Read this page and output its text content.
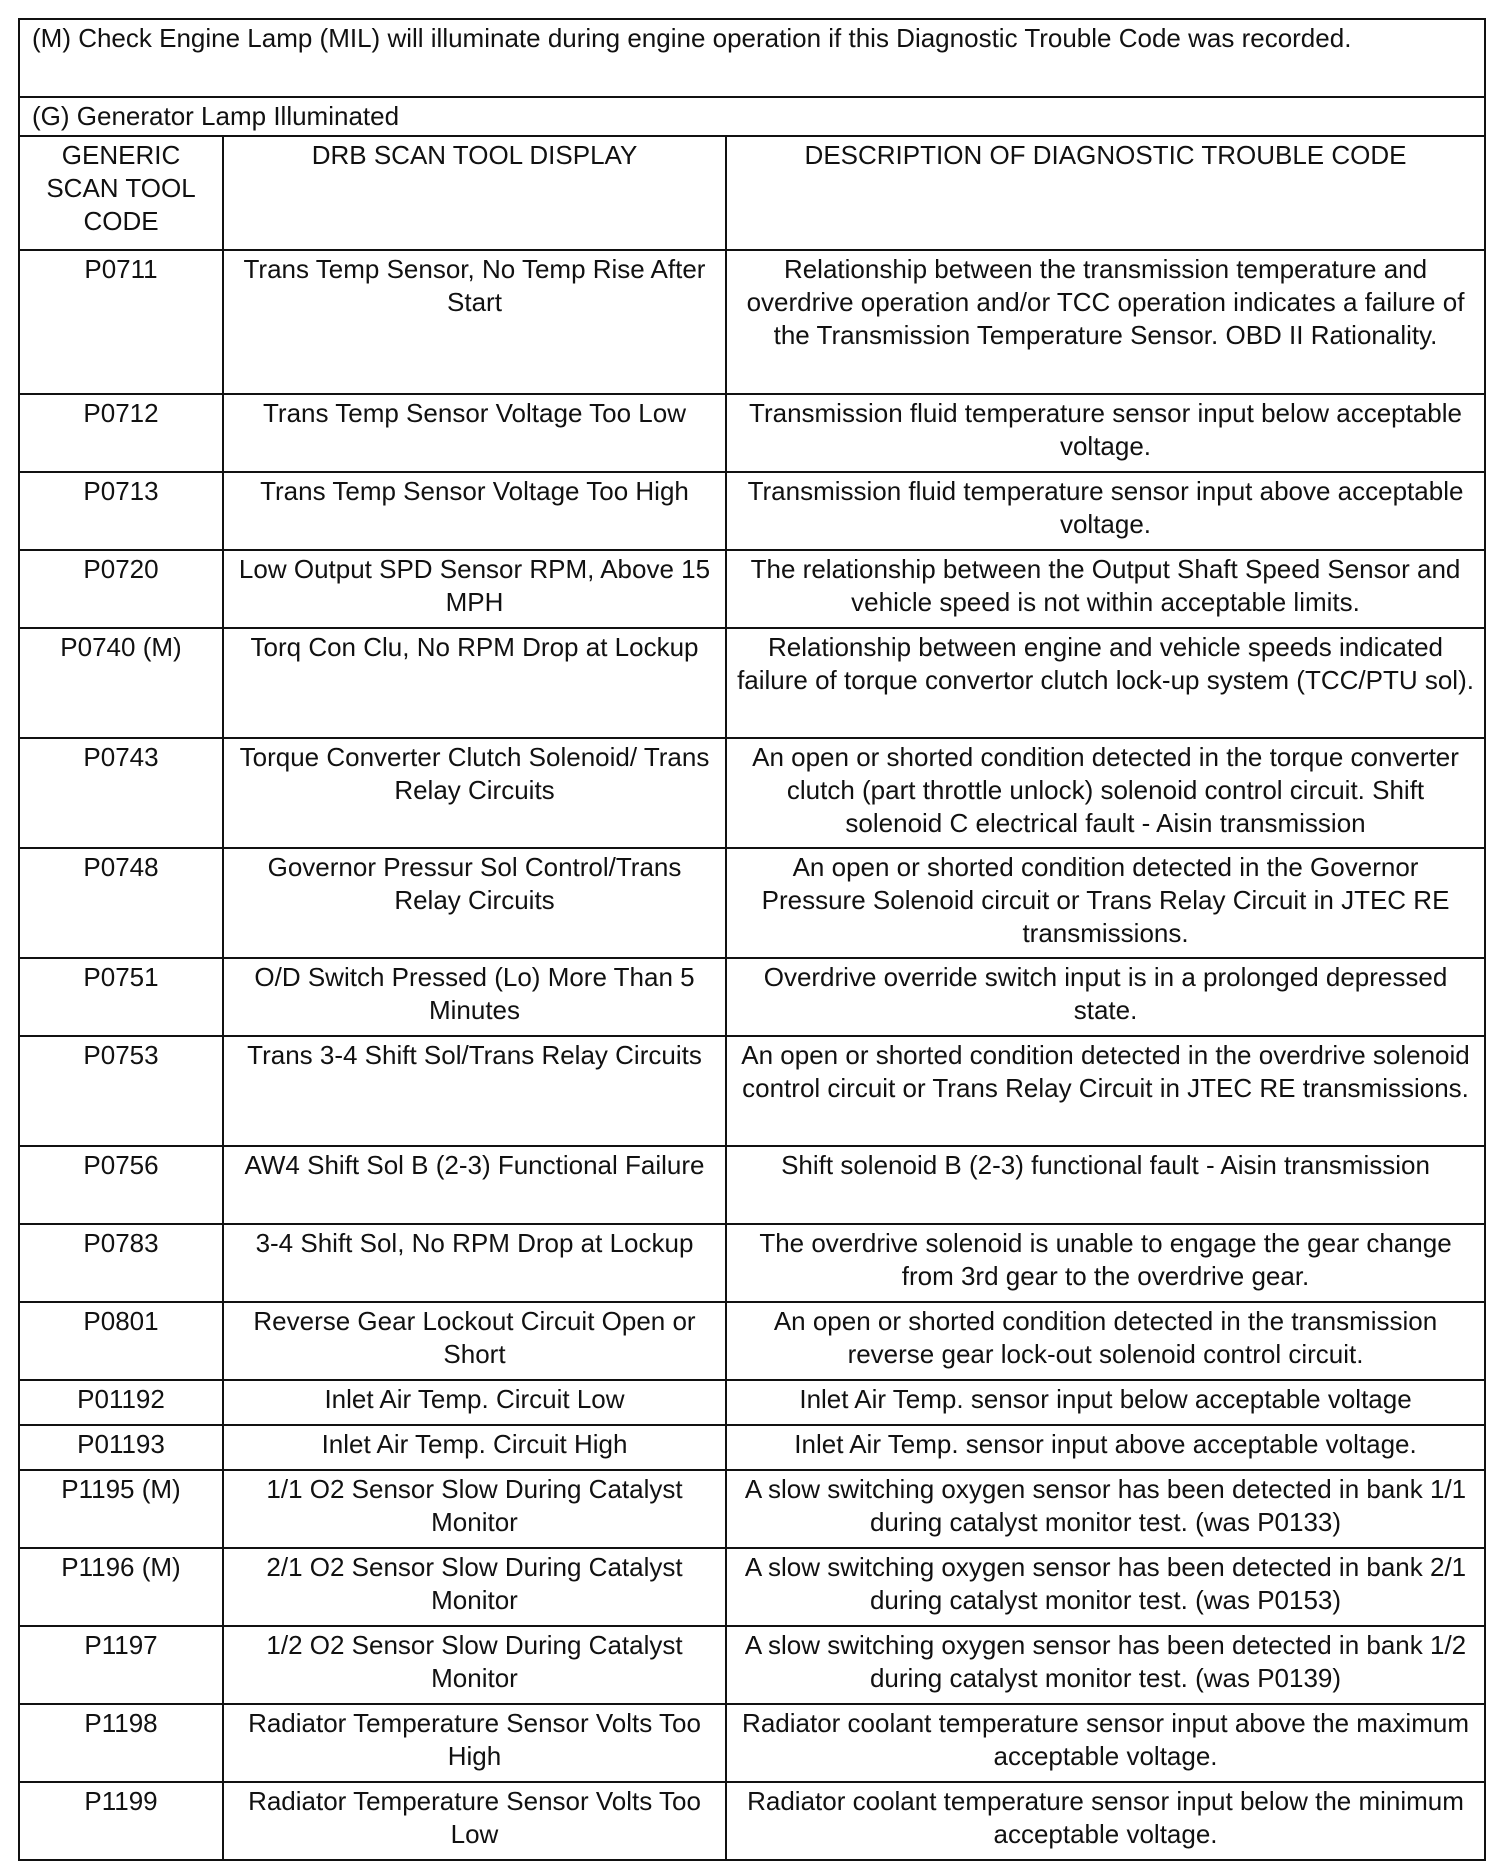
(M) Check Engine Lamp (MIL) will illuminate during engine operation if this Diagnostic Trouble Code was recorded.		
(G) Generator Lamp Illuminated		
GENERIC SCAN TOOL CODE	DRB SCAN TOOL DISPLAY	DESCRIPTION OF DIAGNOSTIC TROUBLE CODE
P0711	Trans Temp Sensor, No Temp Rise After Start	Relationship between the transmission temperature and overdrive operation and/or TCC operation indicates a failure of the Transmission Temperature Sensor. OBD II Rationality.
P0712	Trans Temp Sensor Voltage Too Low	Transmission fluid temperature sensor input below acceptable voltage.
P0713	Trans Temp Sensor Voltage Too High	Transmission fluid temperature sensor input above acceptable voltage.
P0720	Low Output SPD Sensor RPM, Above 15 MPH	The relationship between the Output Shaft Speed Sensor and vehicle speed is not within acceptable limits.
P0740 (M)	Torq Con Clu, No RPM Drop at Lockup	Relationship between engine and vehicle speeds indicated failure of torque convertor clutch lock-up system (TCC/PTU sol).
P0743	Torque Converter Clutch Solenoid/ Trans Relay Circuits	An open or shorted condition detected in the torque converter clutch (part throttle unlock) solenoid control circuit. Shift solenoid C electrical fault - Aisin transmission
P0748	Governor Pressur Sol Control/Trans Relay Circuits	An open or shorted condition detected in the Governor Pressure Solenoid circuit or Trans Relay Circuit in JTEC RE transmissions.
P0751	O/D Switch Pressed (Lo) More Than 5 Minutes	Overdrive override switch input is in a prolonged depressed state.
P0753	Trans 3-4 Shift Sol/Trans Relay Circuits	An open or shorted condition detected in the overdrive solenoid control circuit or Trans Relay Circuit in JTEC RE transmissions.
P0756	AW4 Shift Sol B (2-3) Functional Failure	Shift solenoid B (2-3) functional fault - Aisin transmission
P0783	3-4 Shift Sol, No RPM Drop at Lockup	The overdrive solenoid is unable to engage the gear change from 3rd gear to the overdrive gear.
P0801	Reverse Gear Lockout Circuit Open or Short	An open or shorted condition detected in the transmission reverse gear lock-out solenoid control circuit.
P01192	Inlet Air Temp. Circuit Low	Inlet Air Temp. sensor input below acceptable voltage
P01193	Inlet Air Temp. Circuit High	Inlet Air Temp. sensor input above acceptable voltage.
P1195 (M)	1/1 O2 Sensor Slow During Catalyst Monitor	A slow switching oxygen sensor has been detected in bank 1/1 during catalyst monitor test. (was P0133)
P1196 (M)	2/1 O2 Sensor Slow During Catalyst Monitor	A slow switching oxygen sensor has been detected in bank 2/1 during catalyst monitor test. (was P0153)
P1197	1/2 O2 Sensor Slow During Catalyst Monitor	A slow switching oxygen sensor has been detected in bank 1/2 during catalyst monitor test. (was P0139)
P1198	Radiator Temperature Sensor Volts Too High	Radiator coolant temperature sensor input above the maximum acceptable voltage.
P1199	Radiator Temperature Sensor Volts Too Low	Radiator coolant temperature sensor input below the minimum acceptable voltage.
